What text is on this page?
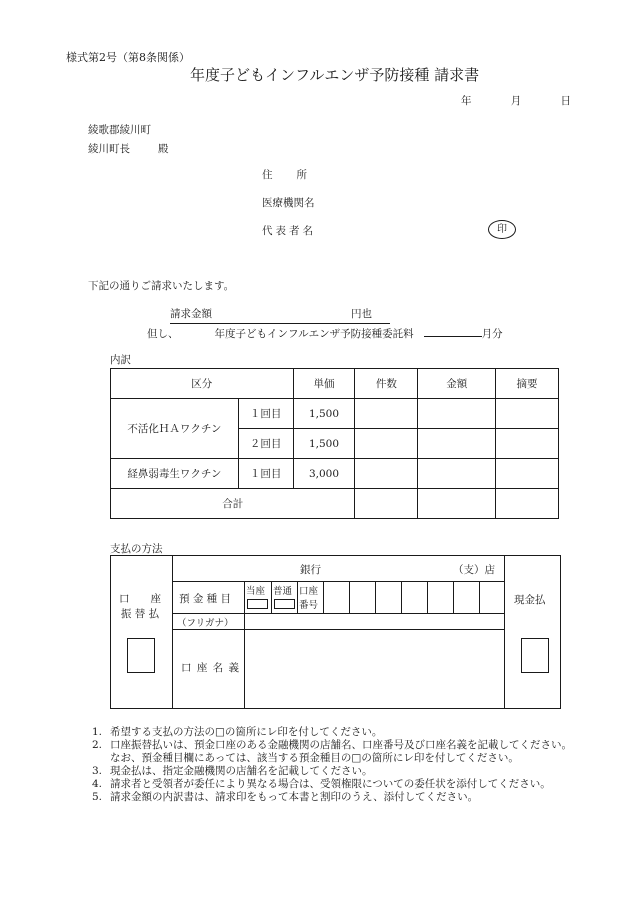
様式第2号（第8条関係）
年度子どもインフルエンザ予防接種 請求書
年	月	日
綾歌郡綾川町
綾川町長	殿
住所
医療機関名
代表者名	印
下記の通りご請求いたします。
請求金額	円也
但し、	年度子どもインフルエンザ予防接種委託料	月分
内訳
区分		単価	件数	金額	摘要
不活化ＨＡワクチン	１回目	1,500			
	２回目	1,500			
経鼻弱毒生ワクチン	１回目	3,000			
合計					
支払の方法
口　　座
振 替 払
銀行	（支）店
預 金 種 目
当座 普通 口座
番号
（フリガナ）
口 座 名 義
現金払
1. 希望する支払の方法の□の箇所にレ印を付してください。
2. 口座振替払いは、預金口座のある金融機関の店舗名、口座番号及び口座名義を記載してください。なお、預金種目欄にあっては、該当する預金種目の□の箇所にレ印を付してください。
3. 現金払は、指定金融機関の店舗名を記載してください。
4. 請求者と受領者が委任により異なる場合は、受領権限についての委任状を添付してください。
5. 請求金額の内訳書は、請求印をもって本書と割印のうえ、添付してください。
